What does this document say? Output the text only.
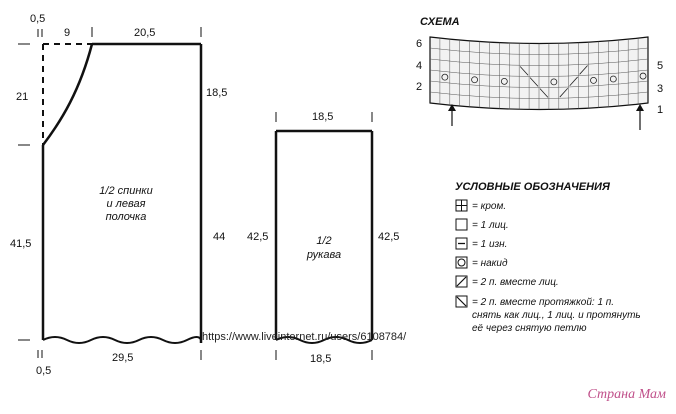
0,5
9	20,5
21	18,5
41,5
44
1/2 спинки
и левая
полочка
0,5
29,5
18,5
42,5	42,5
1/2
рукава
18,5
СХЕМА
6
4
2
5
3
1
УСЛОВНЫЕ ОБОЗНАЧЕНИЯ
= кром.
= 1 лиц.
= 1 изн.
= накид
= 2 п. вместе лиц.
= 2 п. вместе протяжкой: 1 п.
снять как лиц., 1 лиц. и протянуть
её через снятую петлю
https://www.liveinternet.ru/users/6108784/
Страна Мам
